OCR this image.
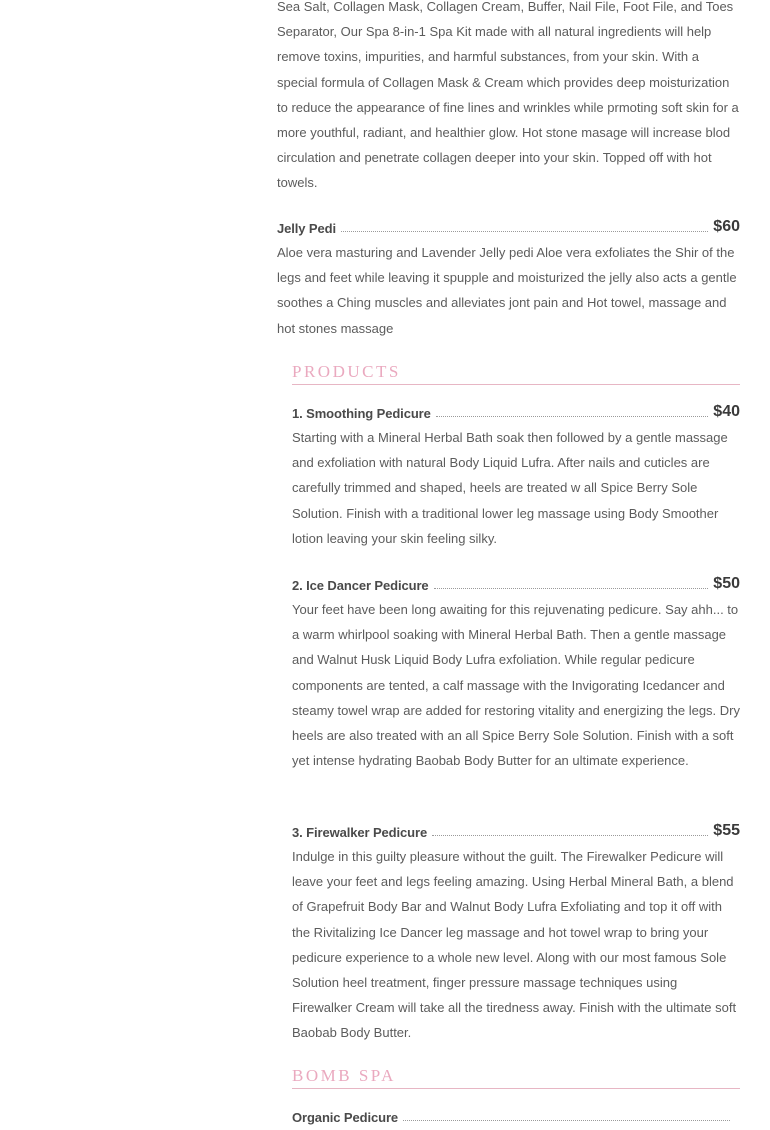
Sea Salt, Collagen Mask, Collagen Cream, Buffer, Nail File, Foot File, and Toes Separator, Our Spa 8-in-1 Spa Kit made with all natural ingredients will help remove toxins, impurities, and harmful substances, from your skin. With a special formula of Collagen Mask & Cream which provides deep moisturization to reduce the appearance of fine lines and wrinkles while prmoting soft skin for a more youthful, radiant, and healthier glow. Hot stone masage will increase blod circulation and penetrate collagen deeper into your skin. Topped off with hot towels.

Jelly Pedi	$60

Aloe vera masturing and Lavender Jelly pedi Aloe vera exfoliates the Shir of the legs and feet while leaving it spupple and moisturized the jelly also acts a gentle soothes a Ching muscles and alleviates jont pain and Hot towel, massage and hot stones massage

PRODUCTS
1. Smoothing Pedicure	$40

Starting with a Mineral Herbal Bath soak then followed by a gentle massage and exfoliation with natural Body Liquid Lufra. After nails and cuticles are carefully trimmed and shaped, heels are treated w all Spice Berry Sole Solution. Finish with a traditional lower leg massage using Body Smoother lotion leaving your skin feeling silky.

2. Ice Dancer Pedicure	$50

Your feet have been long awaiting for this rejuvenating pedicure. Say ahh... to a warm whirlpool soaking with Mineral Herbal Bath. Then a gentle massage and Walnut Husk Liquid Body Lufra exfoliation. While regular pedicure components are tented, a calf massage with the Invigorating Icedancer and steamy towel wrap are added for restoring vitality and energizing the legs. Dry heels are also treated with an all Spice Berry Sole Solution. Finish with a soft yet intense hydrating Baobab Body Butter for an ultimate experience.

3. Firewalker Pedicure	$55

Indulge in this guilty pleasure without the guilt. The Firewalker Pedicure will leave your feet and legs feeling amazing. Using Herbal Mineral Bath, a blend of Grapefruit Body Bar and Walnut Body Lufra Exfoliating and top it off with the Rivitalizing Ice Dancer leg massage and hot towel wrap to bring your pedicure experience to a whole new level. Along with our most famous Sole Solution heel treatment, finger pressure massage techniques using Firewalker Cream will take all the tiredness away. Finish with the ultimate soft Baobab Body Butter.

BOMB SPA
Organic Pedicure
